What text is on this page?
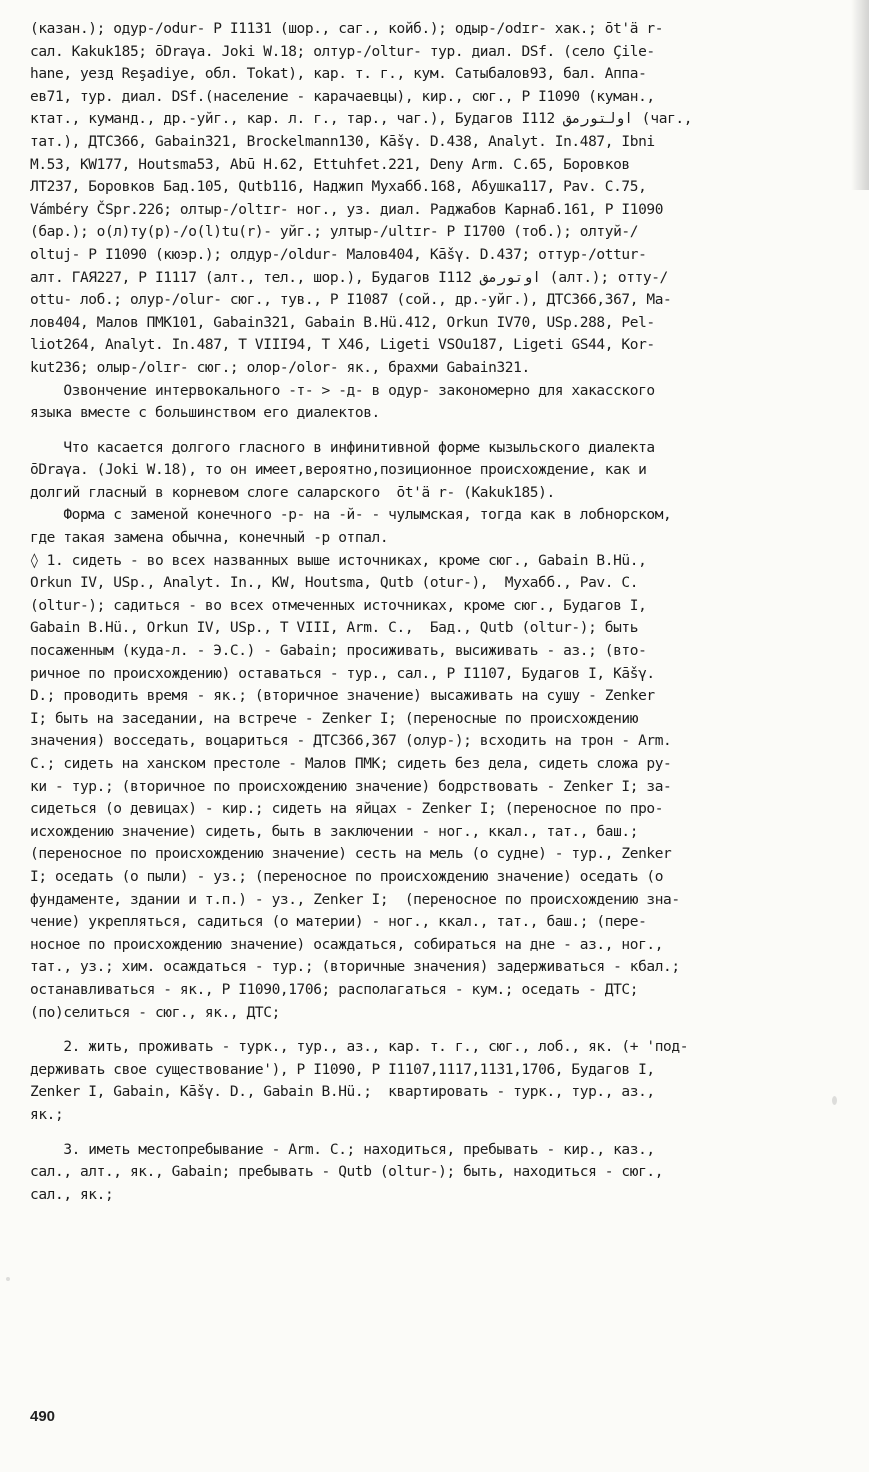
(казан.); одур-/odur- Р I1131 (шор., саг., койб.); одыр-/odɪr- хак.; ōt'ä r-
сал. Kakuk185; ōDraγa. Joki W.18; олтур-/oltur- тур. диал. DSf. (село Çile-
hane, уезд Reşadiye, обл. Tokat), кар. т. г., кум. Сатыбалов93, бал. Аппа-
ев71, тур. диал. DSf.(население - карачаевцы), кир., сюг., Р I1090 (куман.,
ктат., куманд., др.-уйг., кар. л. г., тар., чаг.), Будагов I112 اولتورمق (чаг.,
тат.), ДТС366, Gabain321, Brockelmann130, Kāšγ. D.438, Analyt. In.487, Ibni
M.53, KW177, Houtsma53, Abū H.62, Ettuhfet.221, Deny Arm. C.65, Боровков
ЛТ237, Боровков Бад.105, Qutb116, Наджип Мухабб.168, Абушка117, Pav. C.75,
Vámbéry ČSpr.226; олтыр-/oltɪr- ног., уз. диал. Раджабов Карнаб.161, Р I1090
(бар.); о(л)ту(р)-/o(l)tu(r)- уйг.; ултыр-/ultɪr- Р I1700 (тоб.); олтуй-/
oltuj- Р I1090 (кюэр.); олдур-/oldur- Малов404, Kāšγ. D.437; оттур-/ottur-
алт. ГАЯ227, Р I1117 (алт., тел., шор.), Будагов I112 اوتورمق (алт.); отту-/
ottu- лоб.; олур-/olur- сюг., тув., Р I1087 (сой., др.-уйг.), ДТС366,367, Ма-
лов404, Малов ПМК101, Gabain321, Gabain В.Нü.412, Orkun IV70, USp.288, Pel-
liot264, Analyt. In.487, Т VIII94, Т X46, Ligeti VSOu187, Ligeti GS44, Kor-
kut236; олыр-/olɪr- сюг.; олор-/olor- як., брахми Gabain321.
Озвончение интервокального -т- > -д- в одур- закономерно для хакасского
языка вместе с большинством его диалектов.
Что касается долгого гласного в инфинитивной форме кызыльского диалекта
ōDraγa. (Joki W.18), то он имеет,вероятно,позиционное происхождение, как и
долгий гласный в корневом слоге саларского  ōt'ä r- (Kakuk185).
Форма с заменой конечного -р- на -й- - чулымская, тогда как в лобнорском,
где такая замена обычна, конечный -р отпал.
◊ 1. сидеть - во всех названных выше источниках, кроме сюг., Gabain В.Нü.,
Orkun IV, USp., Analyt. In., KW, Houtsma, Qutb (otur-),  Мухабб., Pav. C.
(oltur-); садиться - во всех отмеченных источниках, кроме сюг., Будагов I,
Gabain В.Нü., Orkun IV, USp., Т VIII, Arm. C.,  Бад., Qutb (oltur-); быть
посаженным (куда-л. - Э.С.) - Gabain; просиживать, высиживать - аз.; (вто-
ричное по происхождению) оставаться - тур., сал., Р I1107, Будагов I, Kāšγ.
D.; проводить время - як.; (вторичное значение) высаживать на сушу - Zenker
I; быть на заседании, на встрече - Zenker I; (переносные по происхождению
значения) восседать, воцариться - ДТС366,367 (олур-); всходить на трон - Arm.
C.; сидеть на ханском престоле - Малов ПМК; сидеть без дела, сидеть сложа ру-
ки - тур.; (вторичное по происхождению значение) бодрствовать - Zenker I; за-
сидеться (о девицах) - кир.; сидеть на яйцах - Zenker I; (переносное по про-
исхождению значение) сидеть, быть в заключении - ног., ккал., тат., баш.;
(переносное по происхождению значение) сесть на мель (о судне) - тур., Zenker
I; оседать (о пыли) - уз.; (переносное по происхождению значение) оседать (о
фундаменте, здании и т.п.) - уз., Zenker I;  (переносное по происхождению зна-
чение) укрепляться, садиться (о материи) - ног., ккал., тат., баш.; (пере-
носное по происхождению значение) осаждаться, собираться на дне - аз., ног.,
тат., уз.; хим. осаждаться - тур.; (вторичные значения) задерживаться - кбал.;
останавливаться - як., Р I1090,1706; располагаться - кум.; оседать - ДТС;
(по)селиться - сюг., як., ДТС;
2. жить, проживать - турк., тур., аз., кар. т. г., сюг., лоб., як. (+ 'под-
держивать свое существование'), Р I1090, Р I1107,1117,1131,1706, Будагов I,
Zenker I, Gabain, Kāšγ. D., Gabain В.Нü.;  квартировать - турк., тур., аз.,
як.;
3. иметь местопребывание - Arm. C.; находиться, пребывать - кир., каз.,
сал., алт., як., Gabain; пребывать - Qutb (oltur-); быть, находиться - сюг.,
сал., як.;
490
